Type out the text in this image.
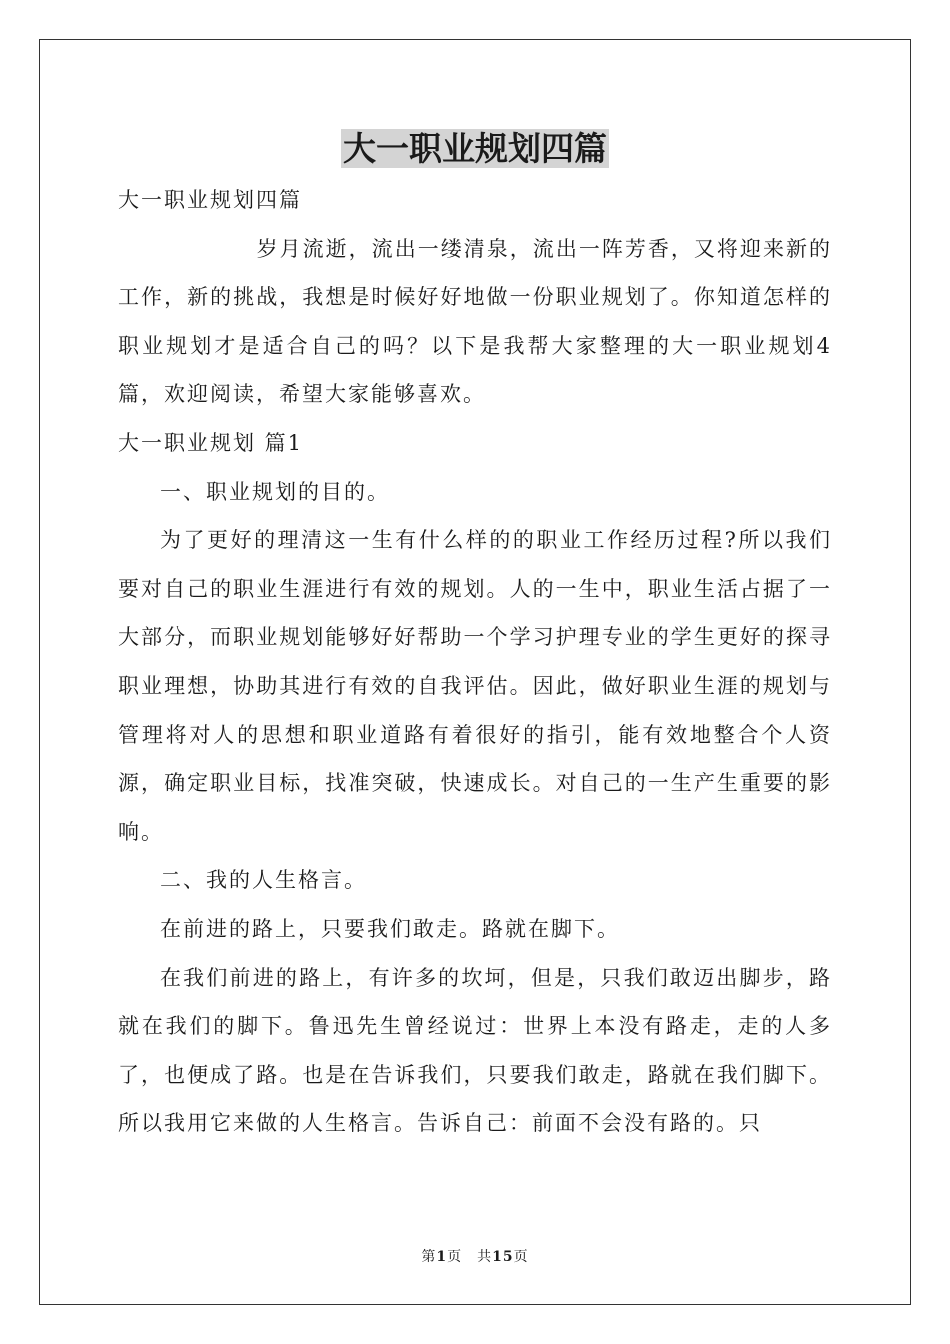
大一职业规划四篇

大一职业规划四篇

岁月流逝，流出一缕清泉，流出一阵芳香，又将迎来新的工作，新的挑战，我想是时候好好地做一份职业规划了。你知道怎样的职业规划才是适合自己的吗？以下是我帮大家整理的大一职业规划4篇，欢迎阅读，希望大家能够喜欢。

大一职业规划 篇1

一、职业规划的目的。

为了更好的理清这一生有什么样的的职业工作经历过程?所以我们要对自己的职业生涯进行有效的规划。人的一生中，职业生活占据了一大部分，而职业规划能够好好帮助一个学习护理专业的学生更好的探寻职业理想，协助其进行有效的自我评估。因此，做好职业生涯的规划与管理将对人的思想和职业道路有着很好的指引，能有效地整合个人资源，确定职业目标，找准突破，快速成长。对自己的一生产生重要的影响。

二、我的人生格言。

在前进的路上，只要我们敢走。路就在脚下。

在我们前进的路上，有许多的坎坷，但是，只我们敢迈出脚步，路就在我们的脚下。鲁迅先生曾经说过：世界上本没有路走，走的人多了，也便成了路。也是在告诉我们，只要我们敢走，路就在我们脚下。所以我用它来做的人生格言。告诉自己：前面不会没有路的。只

第1页　共15页
